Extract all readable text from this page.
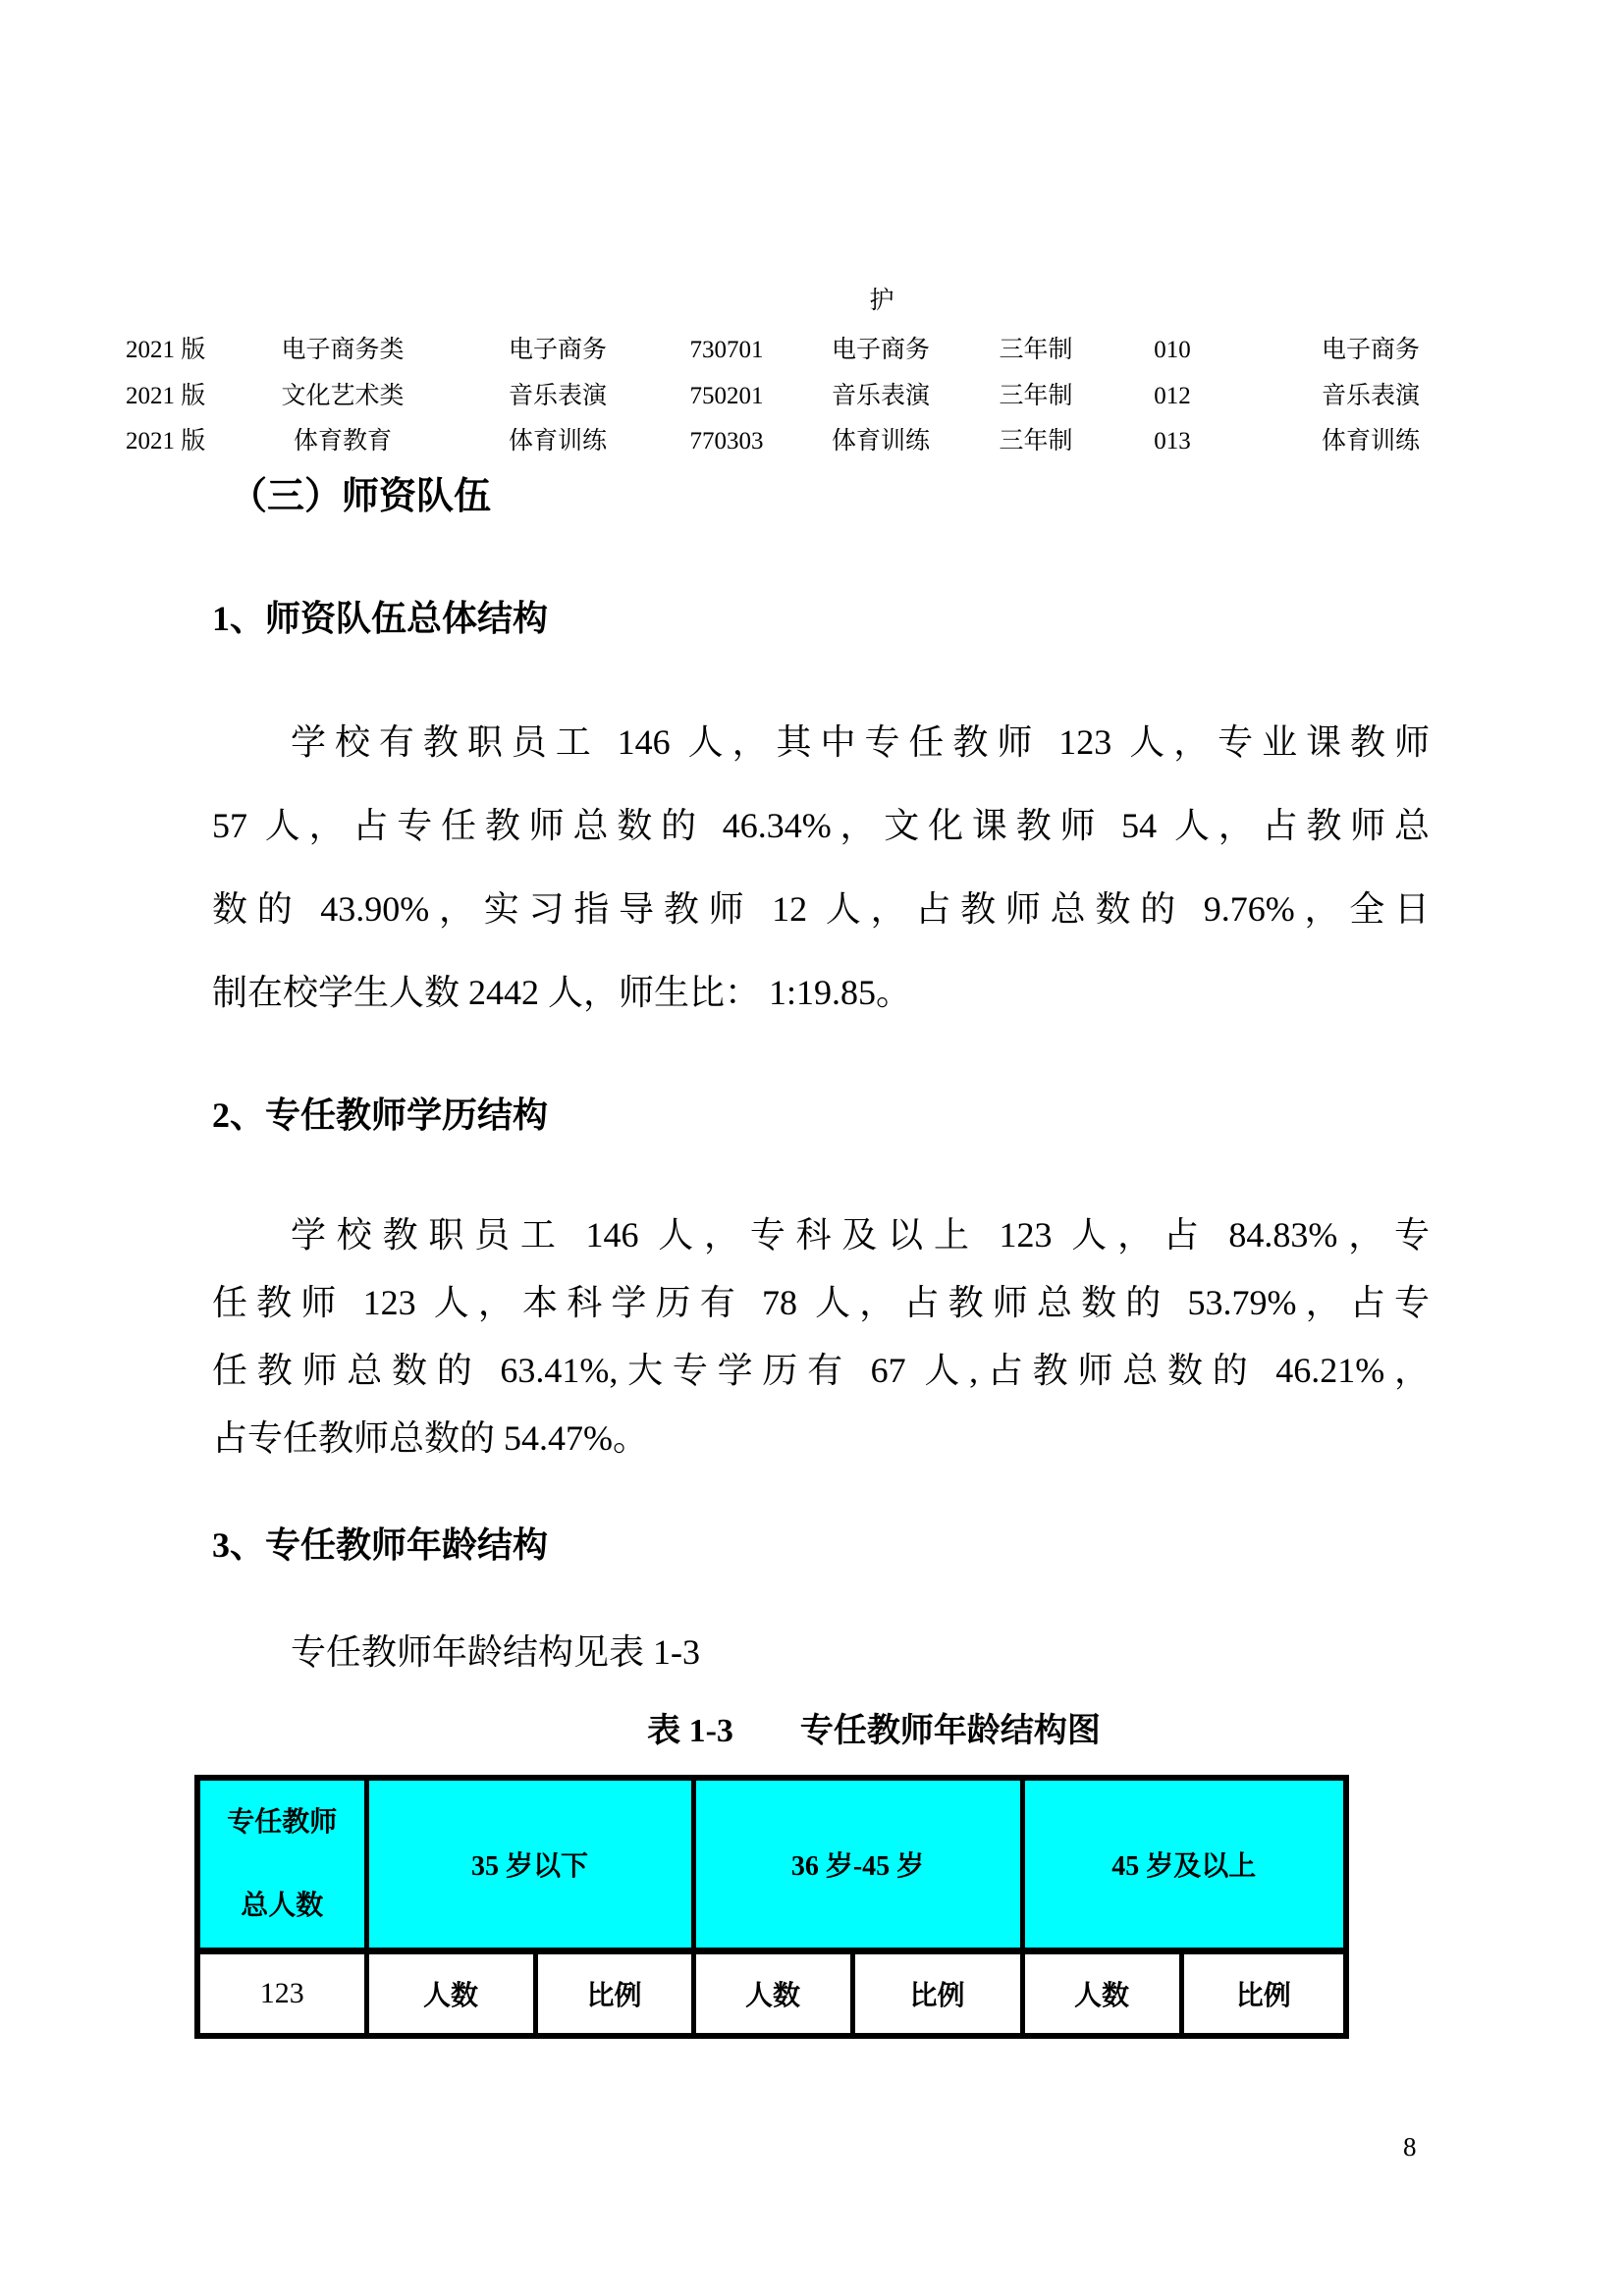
护
2021 版	电子商务类	电子商务	730701	电子商务	三年制	010	电子商务
2021 版	文化艺术类	音乐表演	750201	音乐表演	三年制	012	音乐表演
2021 版	体育教育	体育训练	770303	体育训练	三年制	013	体育训练
（三）师资队伍
1、师资队伍总体结构
学校有教职员工 146 人，其中专任教师 123 人，专业课教师
57 人，占专任教师总数的 46.34%，文化课教师 54 人，占教师总
数的 43.90%，实习指导教师 12 人，占教师总数的 9.76%，全日
制在校学生人数 2442 人，师生比： 1:19.85。
2、专任教师学历结构
学校教职员工 146 人，专科及以上 123 人，占 84.83%，专
任教师 123 人，本科学历有 78 人，占教师总数的 53.79%，占专
任教师总数的 63.41%,大专学历有 67 人,占教师总数的 46.21%，
占专任教师总数的 54.47%。
3、专任教师年龄结构
专任教师年龄结构见表 1-3
表 1-3　　专任教师年龄结构图
专任教师
总人数	35 岁以下		36 岁-45 岁		45 岁及以上	
123	人数	比例	人数	比例	人数	比例
8
